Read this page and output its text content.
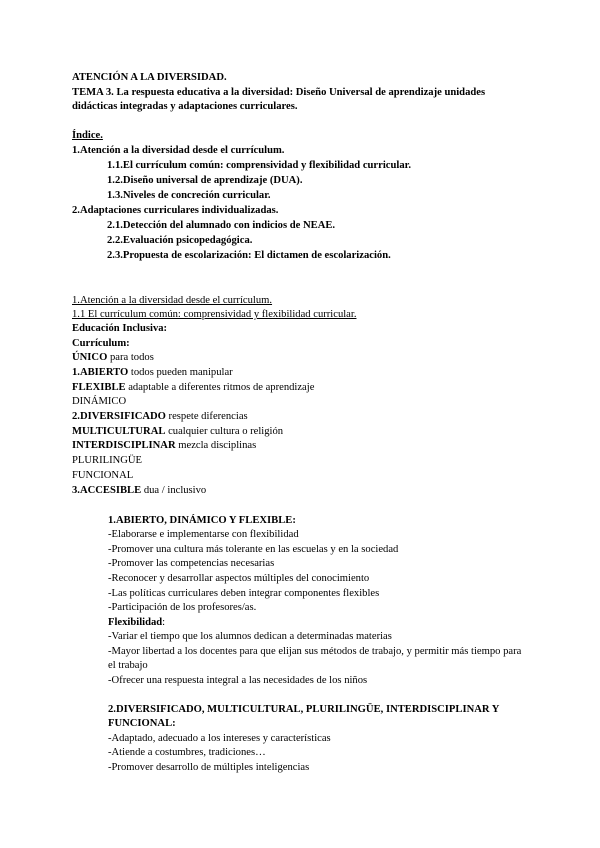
ATENCIÓN A LA DIVERSIDAD.
TEMA 3. La respuesta educativa a la diversidad: Diseño Universal de aprendizaje unidades
didácticas integradas y adaptaciones curriculares.
Índice.
1.Atención a la diversidad desde el currículum.
1.1.El currículum común: comprensividad y flexibilidad curricular.
1.2.Diseño universal de aprendizaje (DUA).
1.3.Niveles de concreción curricular.
2.Adaptaciones curriculares individualizadas.
2.1.Detección del alumnado con indicios de NEAE.
2.2.Evaluación psicopedagógica.
2.3.Propuesta de escolarización: El dictamen de escolarización.
1.Atención a la diversidad desde el currículum.
1.1 El currículum común: comprensividad y flexibilidad curricular.
Educación Inclusiva:
Currículum:
ÚNICO para todos
1.ABIERTO todos pueden manipular
FLEXIBLE adaptable a diferentes ritmos de aprendizaje
DINÁMICO
2.DIVERSIFICADO respete diferencias
MULTICULTURAL cualquier cultura o religión
INTERDISCIPLINAR mezcla disciplinas
PLURILINGÜE
FUNCIONAL
3.ACCESIBLE dua / inclusivo
1.ABIERTO, DINÁMICO Y FLEXIBLE:
-Elaborarse e implementarse con flexibilidad
-Promover una cultura más tolerante en las escuelas y en la sociedad
-Promover las competencias necesarias
-Reconocer y desarrollar aspectos múltiples del conocimiento
-Las políticas curriculares deben integrar componentes flexibles
-Participación de los profesores/as.
Flexibilidad:
-Variar el tiempo que los alumnos dedican a determinadas materias
-Mayor libertad a los docentes para que elijan sus métodos de trabajo, y permitir más tiempo para el trabajo
-Ofrecer una respuesta integral a las necesidades de los niños
2.DIVERSIFICADO, MULTICULTURAL, PLURILINGÜE, INTERDISCIPLINAR Y
FUNCIONAL:
-Adaptado, adecuado a los intereses y características
-Atiende a costumbres, tradiciones…
-Promover desarrollo de múltiples inteligencias
